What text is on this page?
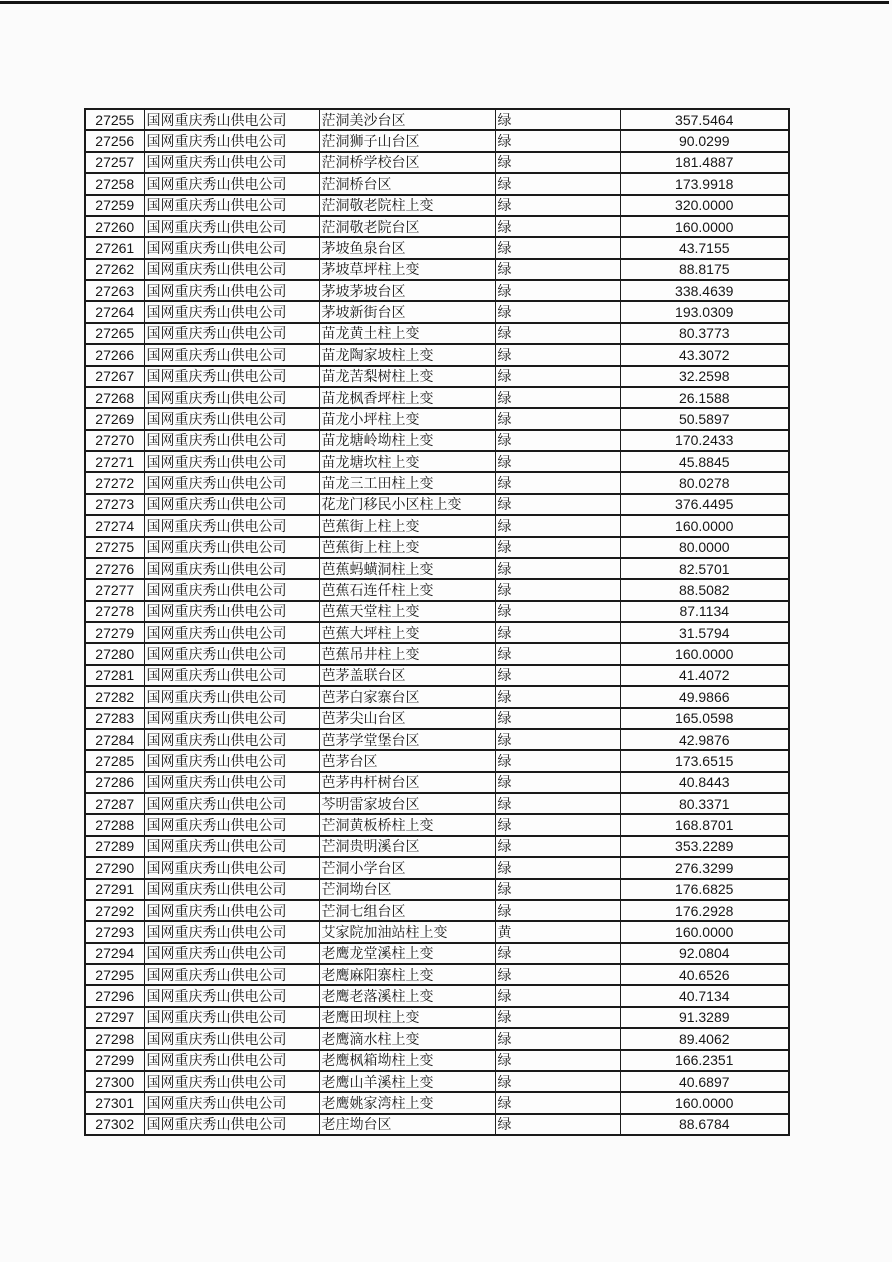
27255	国网重庆秀山供电公司	茫洞美沙台区	绿	357.5464
27256	国网重庆秀山供电公司	茫洞狮子山台区	绿	90.0299
27257	国网重庆秀山供电公司	茫洞桥学校台区	绿	181.4887
27258	国网重庆秀山供电公司	茫洞桥台区	绿	173.9918
27259	国网重庆秀山供电公司	茫洞敬老院柱上变	绿	320.0000
27260	国网重庆秀山供电公司	茫洞敬老院台区	绿	160.0000
27261	国网重庆秀山供电公司	茅坡鱼泉台区	绿	43.7155
27262	国网重庆秀山供电公司	茅坡草坪柱上变	绿	88.8175
27263	国网重庆秀山供电公司	茅坡茅坡台区	绿	338.4639
27264	国网重庆秀山供电公司	茅坡新街台区	绿	193.0309
27265	国网重庆秀山供电公司	苗龙黄土柱上变	绿	80.3773
27266	国网重庆秀山供电公司	苗龙陶家坡柱上变	绿	43.3072
27267	国网重庆秀山供电公司	苗龙苦梨树柱上变	绿	32.2598
27268	国网重庆秀山供电公司	苗龙枫香坪柱上变	绿	26.1588
27269	国网重庆秀山供电公司	苗龙小坪柱上变	绿	50.5897
27270	国网重庆秀山供电公司	苗龙塘岭坳柱上变	绿	170.2433
27271	国网重庆秀山供电公司	苗龙塘坎柱上变	绿	45.8845
27272	国网重庆秀山供电公司	苗龙三工田柱上变	绿	80.0278
27273	国网重庆秀山供电公司	花龙门移民小区柱上变	绿	376.4495
27274	国网重庆秀山供电公司	芭蕉街上柱上变	绿	160.0000
27275	国网重庆秀山供电公司	芭蕉街上柱上变	绿	80.0000
27276	国网重庆秀山供电公司	芭蕉蚂蟥洞柱上变	绿	82.5701
27277	国网重庆秀山供电公司	芭蕉石连仟柱上变	绿	88.5082
27278	国网重庆秀山供电公司	芭蕉天堂柱上变	绿	87.1134
27279	国网重庆秀山供电公司	芭蕉大坪柱上变	绿	31.5794
27280	国网重庆秀山供电公司	芭蕉吊井柱上变	绿	160.0000
27281	国网重庆秀山供电公司	芭茅盖联台区	绿	41.4072
27282	国网重庆秀山供电公司	芭茅白家寨台区	绿	49.9866
27283	国网重庆秀山供电公司	芭茅尖山台区	绿	165.0598
27284	国网重庆秀山供电公司	芭茅学堂堡台区	绿	42.9876
27285	国网重庆秀山供电公司	芭茅台区	绿	173.6515
27286	国网重庆秀山供电公司	芭茅冉杆树台区	绿	40.8443
27287	国网重庆秀山供电公司	芩明雷家坡台区	绿	80.3371
27288	国网重庆秀山供电公司	芒洞黄板桥柱上变	绿	168.8701
27289	国网重庆秀山供电公司	芒洞贵明溪台区	绿	353.2289
27290	国网重庆秀山供电公司	芒洞小学台区	绿	276.3299
27291	国网重庆秀山供电公司	芒洞坳台区	绿	176.6825
27292	国网重庆秀山供电公司	芒洞七组台区	绿	176.2928
27293	国网重庆秀山供电公司	艾家院加油站柱上变	黄	160.0000
27294	国网重庆秀山供电公司	老鹰龙堂溪柱上变	绿	92.0804
27295	国网重庆秀山供电公司	老鹰麻阳寨柱上变	绿	40.6526
27296	国网重庆秀山供电公司	老鹰老落溪柱上变	绿	40.7134
27297	国网重庆秀山供电公司	老鹰田坝柱上变	绿	91.3289
27298	国网重庆秀山供电公司	老鹰滴水柱上变	绿	89.4062
27299	国网重庆秀山供电公司	老鹰枫箱坳柱上变	绿	166.2351
27300	国网重庆秀山供电公司	老鹰山羊溪柱上变	绿	40.6897
27301	国网重庆秀山供电公司	老鹰姚家湾柱上变	绿	160.0000
27302	国网重庆秀山供电公司	老庄坳台区	绿	88.6784
